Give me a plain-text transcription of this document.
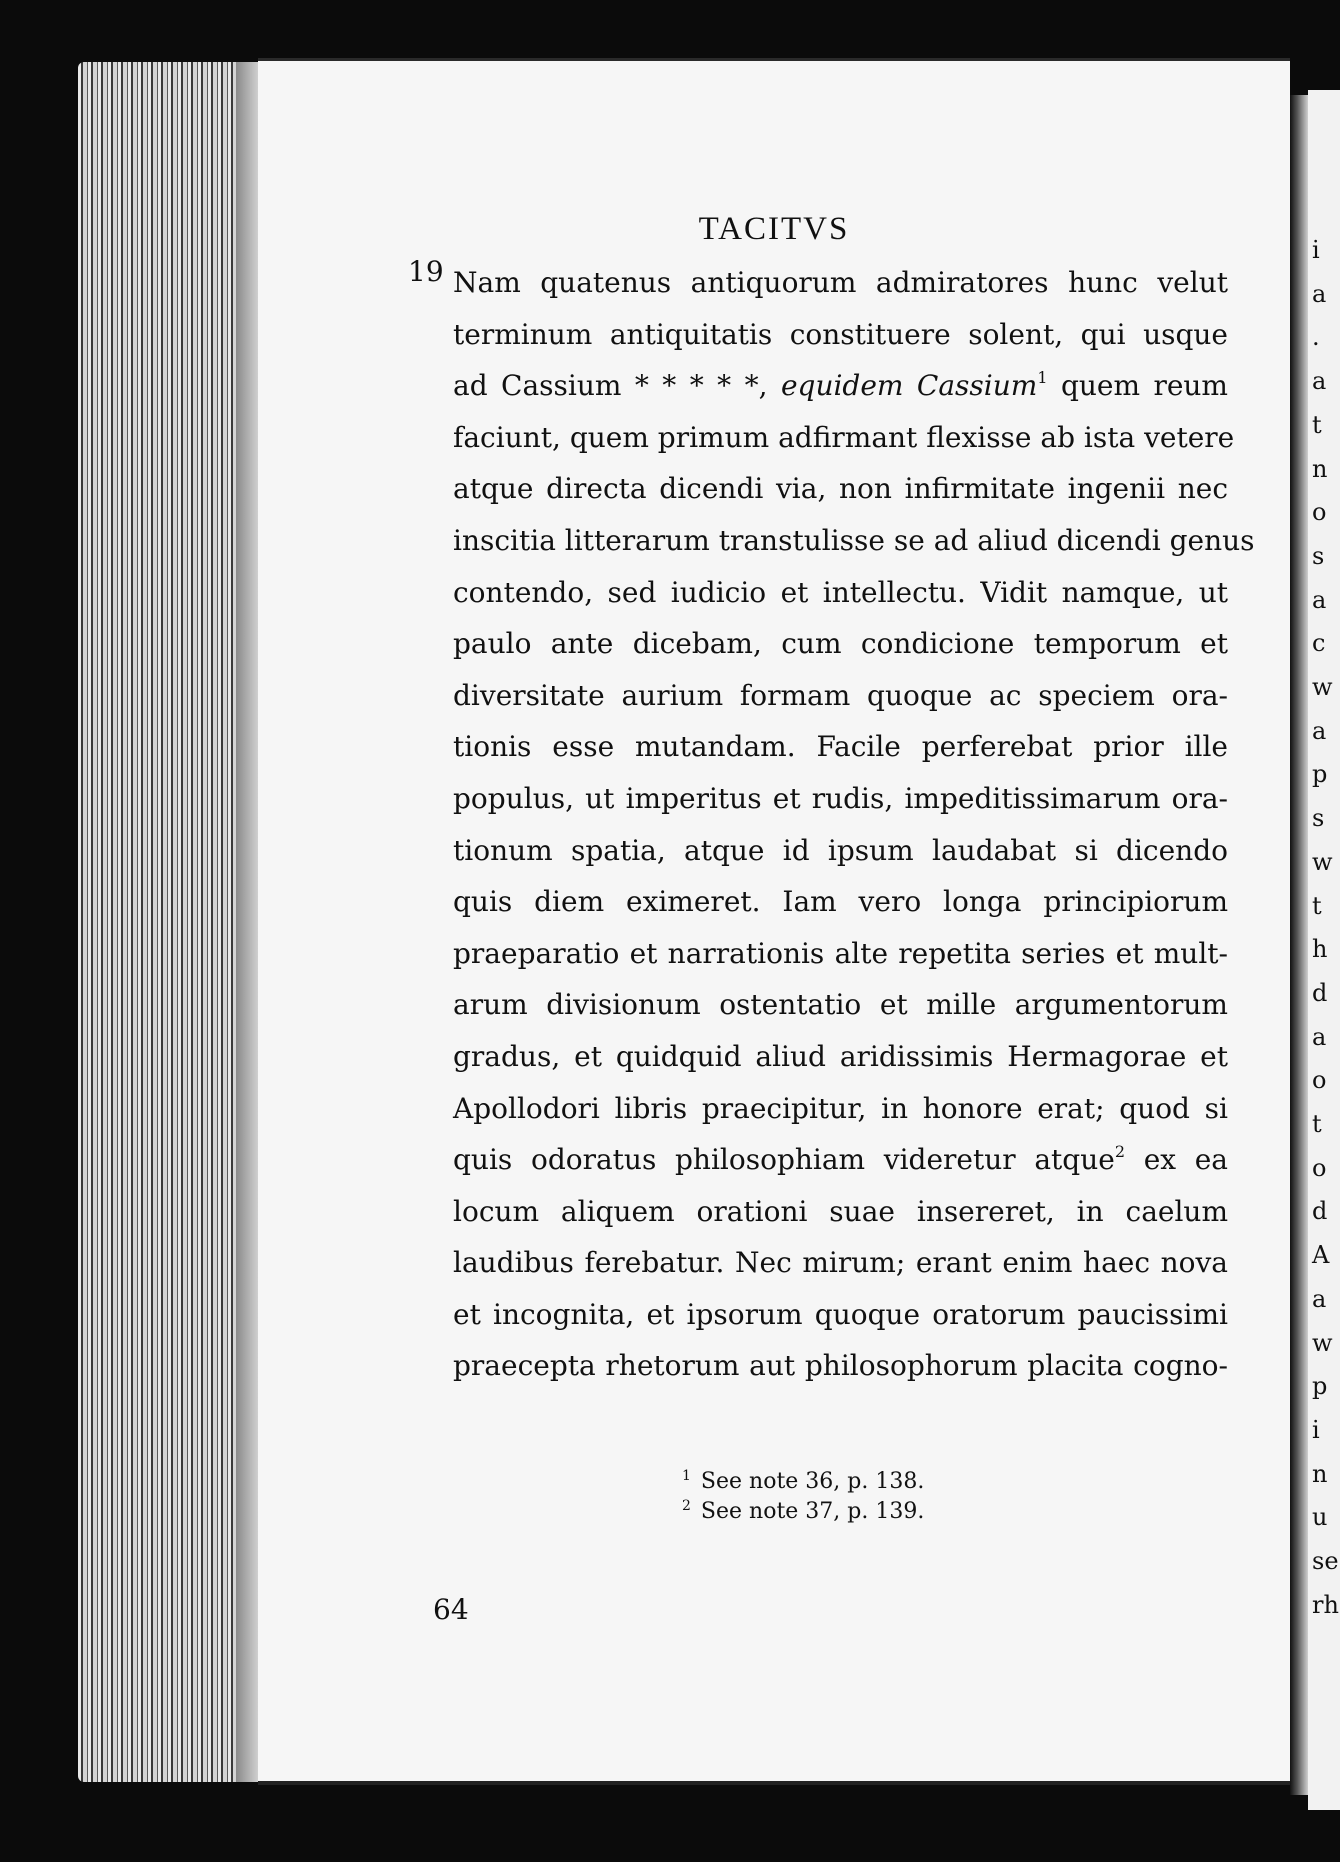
TACITVS
19 Nam quatenus antiquorum admiratores hunc velut
terminum antiquitatis constituere solent, qui usque
ad Cassium * * * * *, equidem Cassium$^1$ quem reum
faciunt, quem primum adfirmant flexisse ab ista vetere
atque directa dicendi via, non infirmitate ingenii nec
inscitia litterarum transtulisse se ad aliud dicendi genus
contendo, sed iudicio et intellectu. Vidit namque, ut
paulo ante dicebam, cum condicione temporum et
diversitate aurium formam quoque ac speciem ora-
tionis esse mutandam. Facile perferebat prior ille
populus, ut imperitus et rudis, impeditissimarum ora-
tionum spatia, atque id ipsum laudabat si dicendo
quis diem eximeret. Iam vero longa principiorum
praeparatio et narrationis alte repetita series et mult-
arum divisionum ostentatio et mille argumentorum
gradus, et quidquid aliud aridissimis Hermagorae et
Apollodori libris praecipitur, in honore erat; quod si
quis odoratus philosophiam videretur atque$^2$ ex ea
locum aliquem orationi suae insereret, in caelum
laudibus ferebatur. Nec mirum; erant enim haec nova
et incognita, et ipsorum quoque oratorum paucissimi
praecepta rhetorum aut philosophorum placita cogno-
$^1$ See note 36, p. 138.
$^2$ See note 37, p. 139.
64
i
a
.
a
t
n
o
s
a
c
w
a
p
s
w
t
h
d
a
o
t
o
d
A
a
w
p
i
n
u
se
rh
